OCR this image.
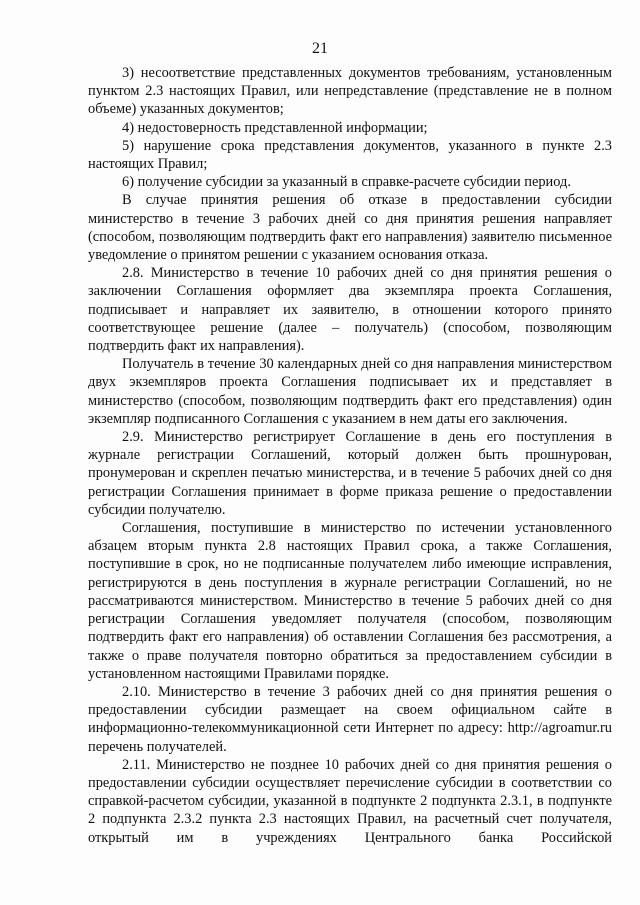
21

3) несоответствие представленных документов требованиям, установленным пунктом 2.3 настоящих Правил, или непредставление (представление не в полном объеме) указанных документов;

4) недостоверность представленной информации;

5) нарушение срока представления документов, указанного в пункте 2.3 настоящих Правил;

6) получение субсидии за указанный в справке-расчете субсидии период.

В случае принятия решения об отказе в предоставлении субсидии министерство в течение 3 рабочих дней со дня принятия решения направляет (способом, позволяющим подтвердить факт его направления) заявителю письменное уведомление о принятом решении с указанием основания отказа.

2.8. Министерство в течение 10 рабочих дней со дня принятия решения о заключении Соглашения оформляет два экземпляра проекта Соглашения, подписывает и направляет их заявителю, в отношении которого принято соответствующее решение (далее – получатель) (способом, позволяющим подтвердить факт их направления).

Получатель в течение 30 календарных дней со дня направления министерством двух экземпляров проекта Соглашения подписывает их и представляет в министерство (способом, позволяющим подтвердить факт его представления) один экземпляр подписанного Соглашения с указанием в нем даты его заключения.

2.9. Министерство регистрирует Соглашение в день его поступления в журнале регистрации Соглашений, который должен быть прошнурован, пронумерован и скреплен печатью министерства, и в течение 5 рабочих дней со дня регистрации Соглашения принимает в форме приказа решение о предоставлении субсидии получателю.

Соглашения, поступившие в министерство по истечении установленного абзацем вторым пункта 2.8 настоящих Правил срока, а также Соглашения, поступившие в срок, но не подписанные получателем либо имеющие исправления, регистрируются в день поступления в журнале регистрации Соглашений, но не рассматриваются министерством. Министерство в течение 5 рабочих дней со дня регистрации Соглашения уведомляет получателя (способом, позволяющим подтвердить факт его направления) об оставлении Соглашения без рассмотрения, а также о праве получателя повторно обратиться за предоставлением субсидии в установленном настоящими Правилами порядке.

2.10. Министерство в течение 3 рабочих дней со дня принятия решения о предоставлении субсидии размещает на своем официальном сайте в информационно-телекоммуникационной сети Интернет по адресу: http://agroamur.ru перечень получателей.

2.11. Министерство не позднее 10 рабочих дней со дня принятия решения о предоставлении субсидии осуществляет перечисление субсидии в соответствии со справкой-расчетом субсидии, указанной в подпункте 2 подпункта 2.3.1, в подпункте 2 подпункта 2.3.2 пункта 2.3 настоящих Правил, на расчетный счет получателя, открытый им в учреждениях Центрального банка Российской
